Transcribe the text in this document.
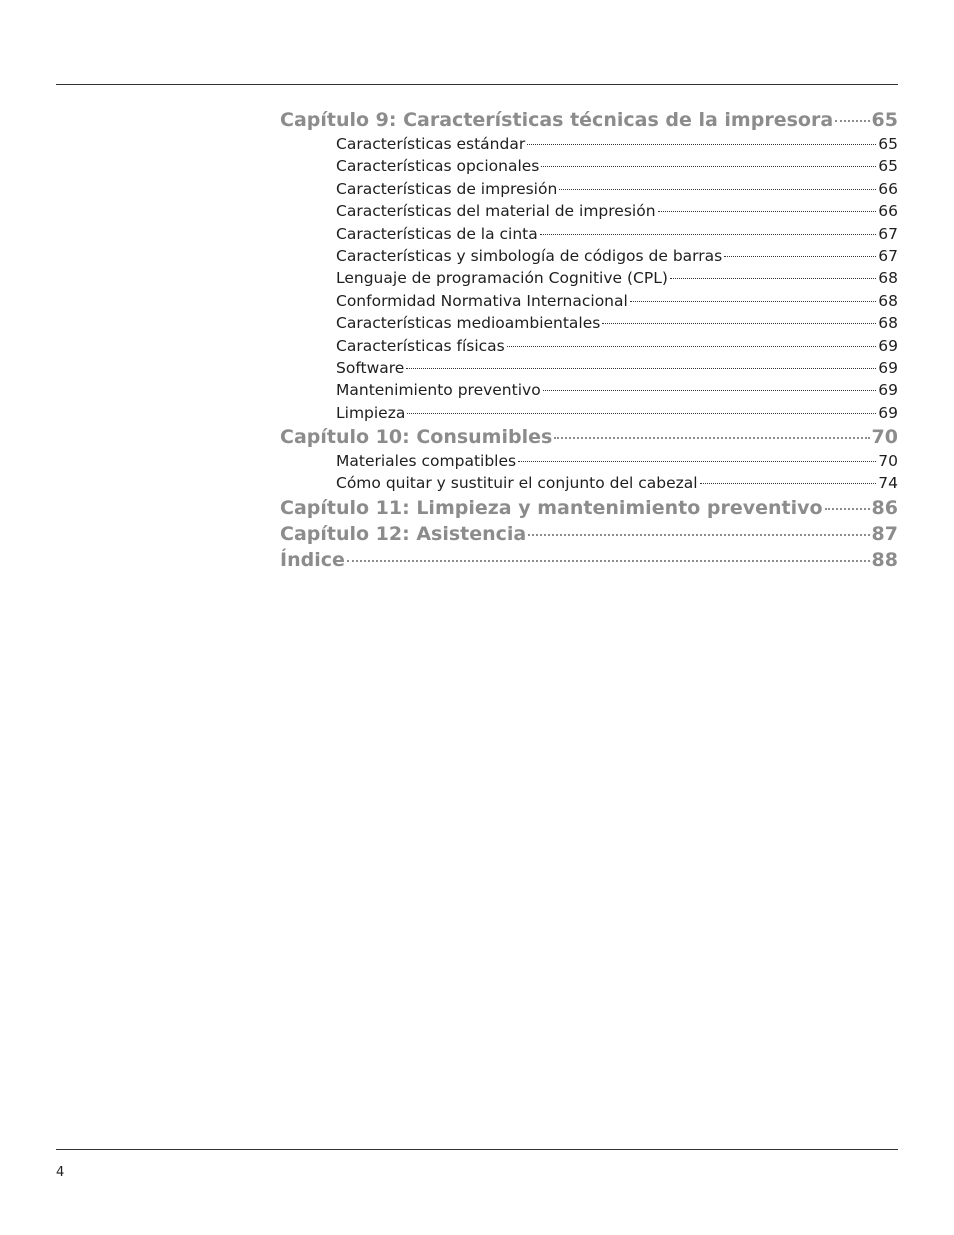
Capítulo 9: Características técnicas de la impresora 65
Características estándar	65
Características opcionales	65
Características de impresión	66
Características del material de impresión	66
Características de la cinta	67
Características y simbología de códigos de barras	67
Lenguaje de programación Cognitive (CPL)	68
Conformidad Normativa Internacional	68
Características medioambientales	68
Características físicas	69
Software	69
Mantenimiento preventivo	69
Limpieza	69
Capítulo 10: Consumibles	70
Materiales compatibles	70
Cómo quitar y sustituir el conjunto del cabezal	74
Capítulo 11: Limpieza y mantenimiento preventivo	86
Capítulo 12: Asistencia	87
Índice	88
4
